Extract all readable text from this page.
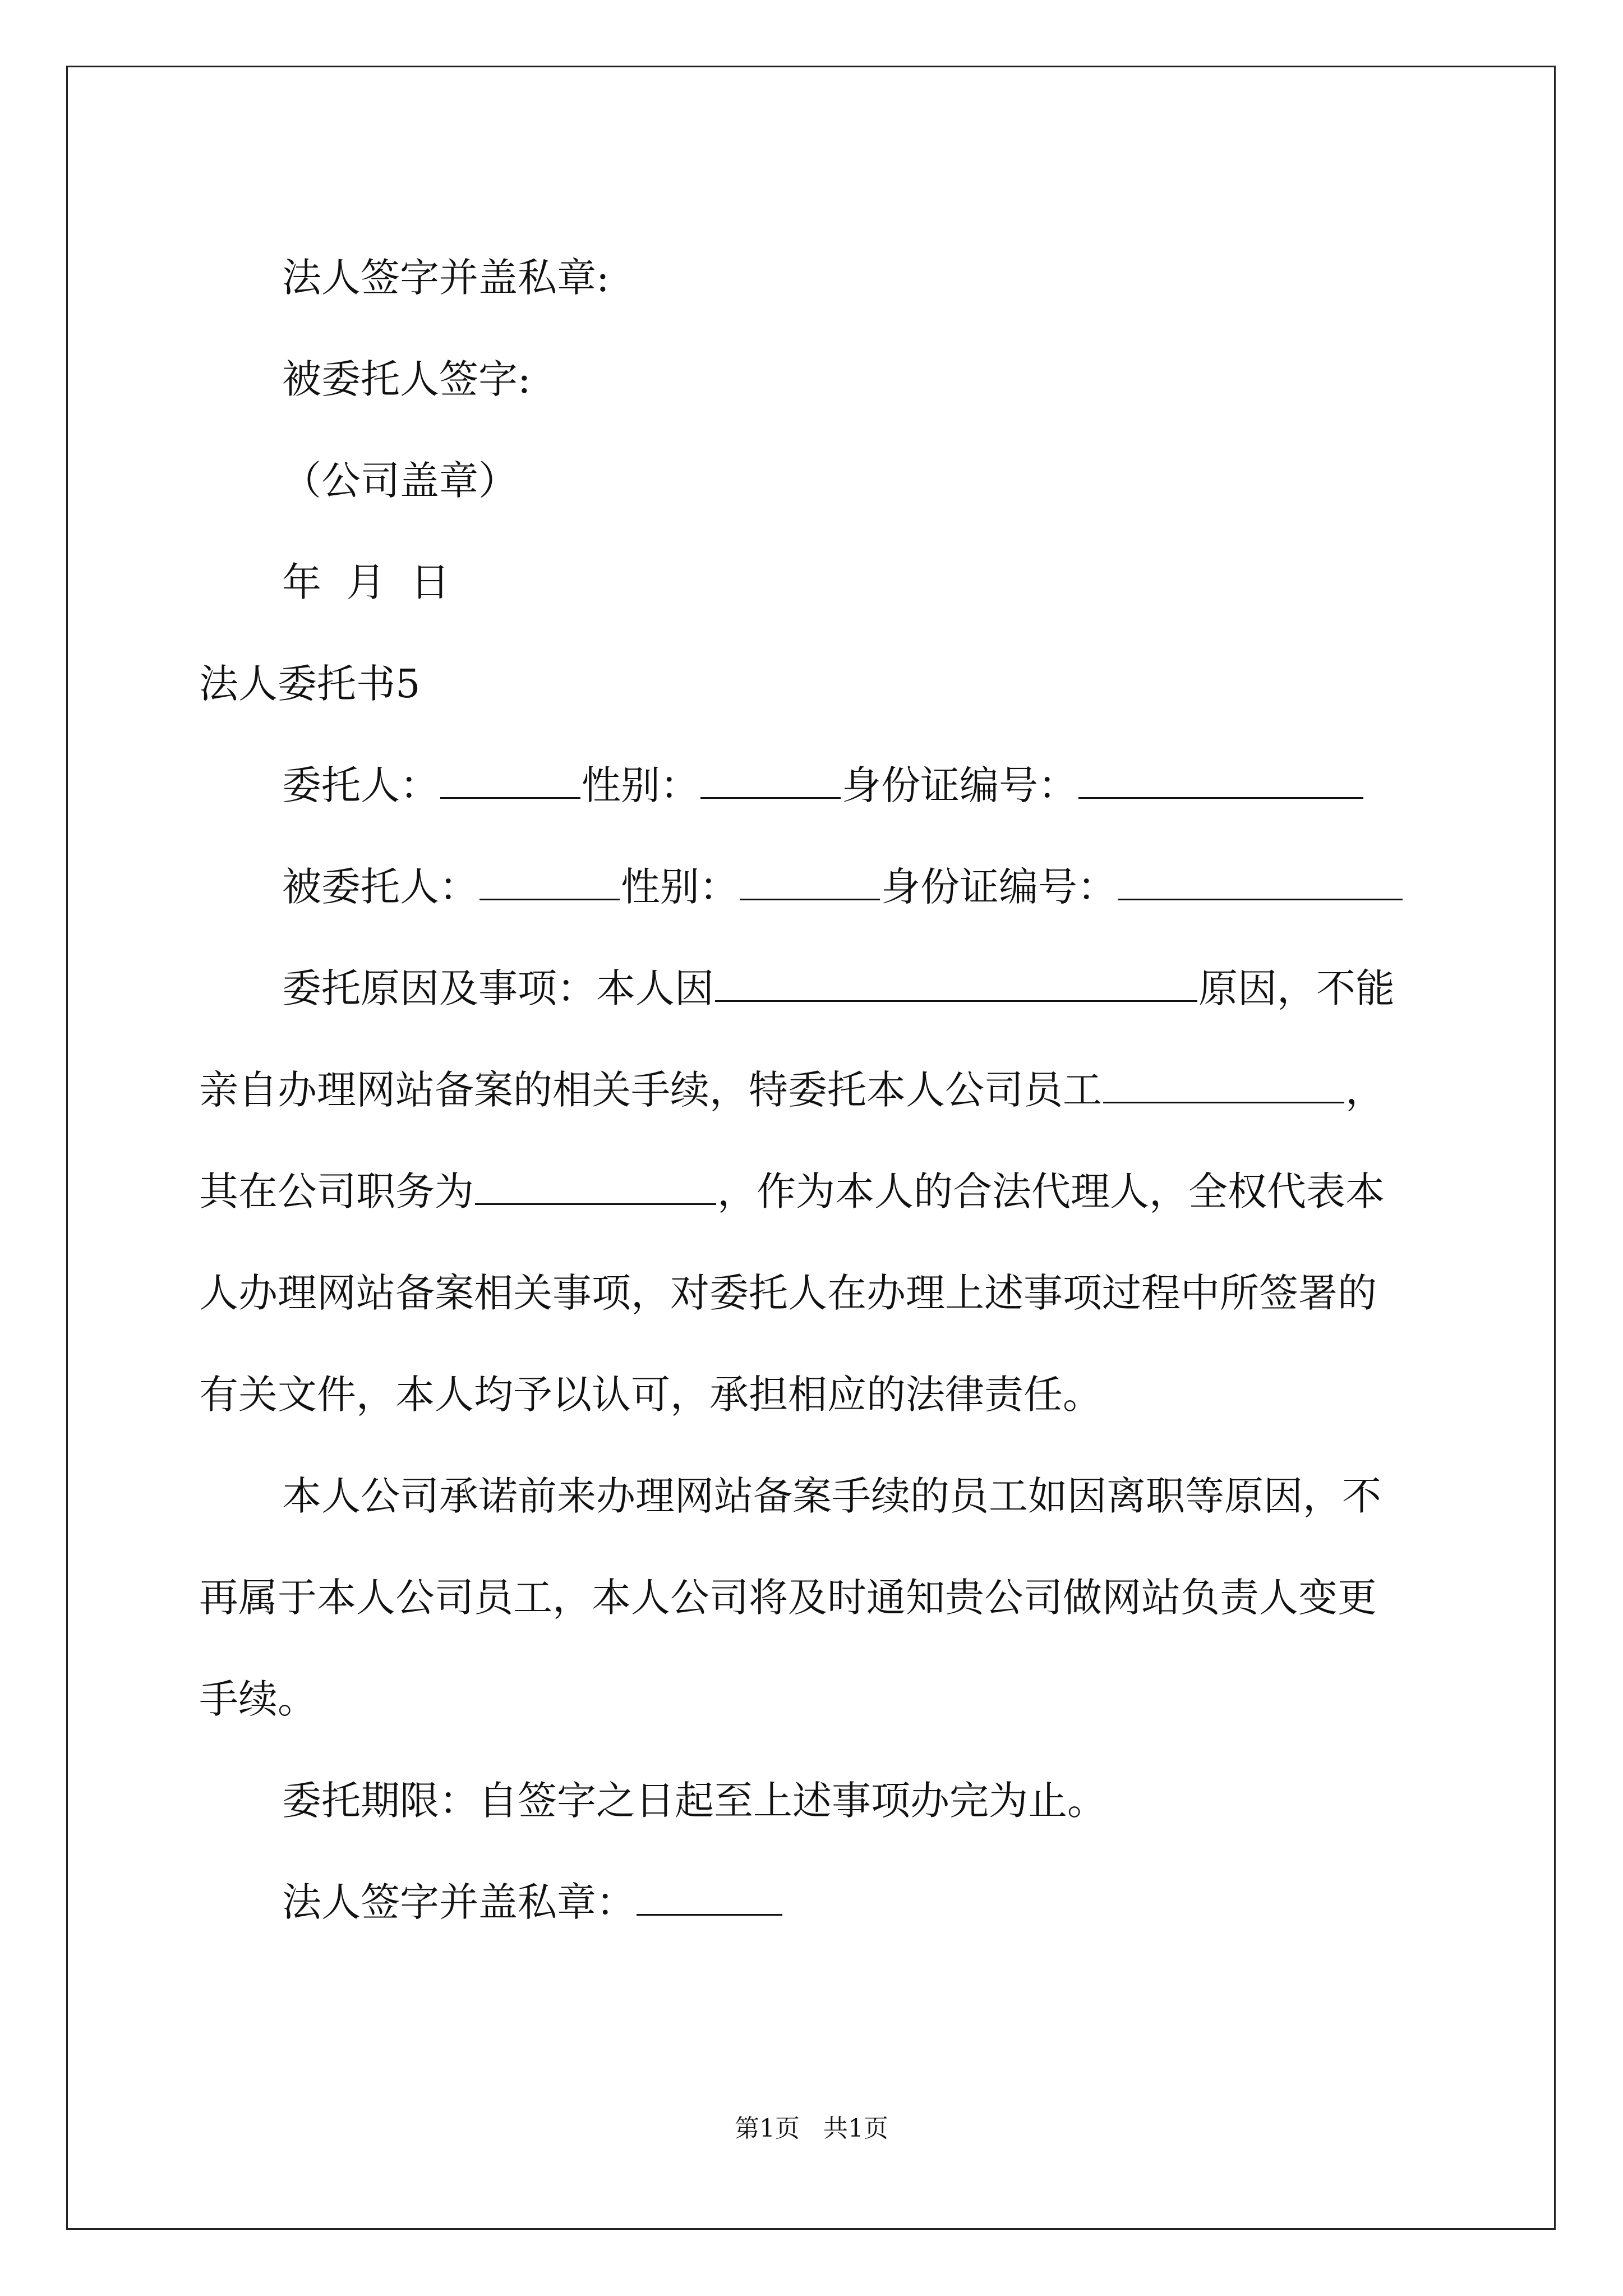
法人签字并盖私章:
被委托人签字:
（公司盖章）
年  月  日
法人委托书5
委托人：	性别：	身份证编号：
被委托人：	性别：	身份证编号：
委托原因及事项：本人因	原因，不能
亲自办理网站备案的相关手续，特委托本人公司员工	，
其在公司职务为	，作为本人的合法代理人，全权代表本
人办理网站备案相关事项，对委托人在办理上述事项过程中所签署的
有关文件，本人均予以认可，承担相应的法律责任。
本人公司承诺前来办理网站备案手续的员工如因离职等原因，不
再属于本人公司员工，本人公司将及时通知贵公司做网站负责人变更
手续。
委托期限：自签字之日起至上述事项办完为止。
法人签字并盖私章：
第1页   共1页
